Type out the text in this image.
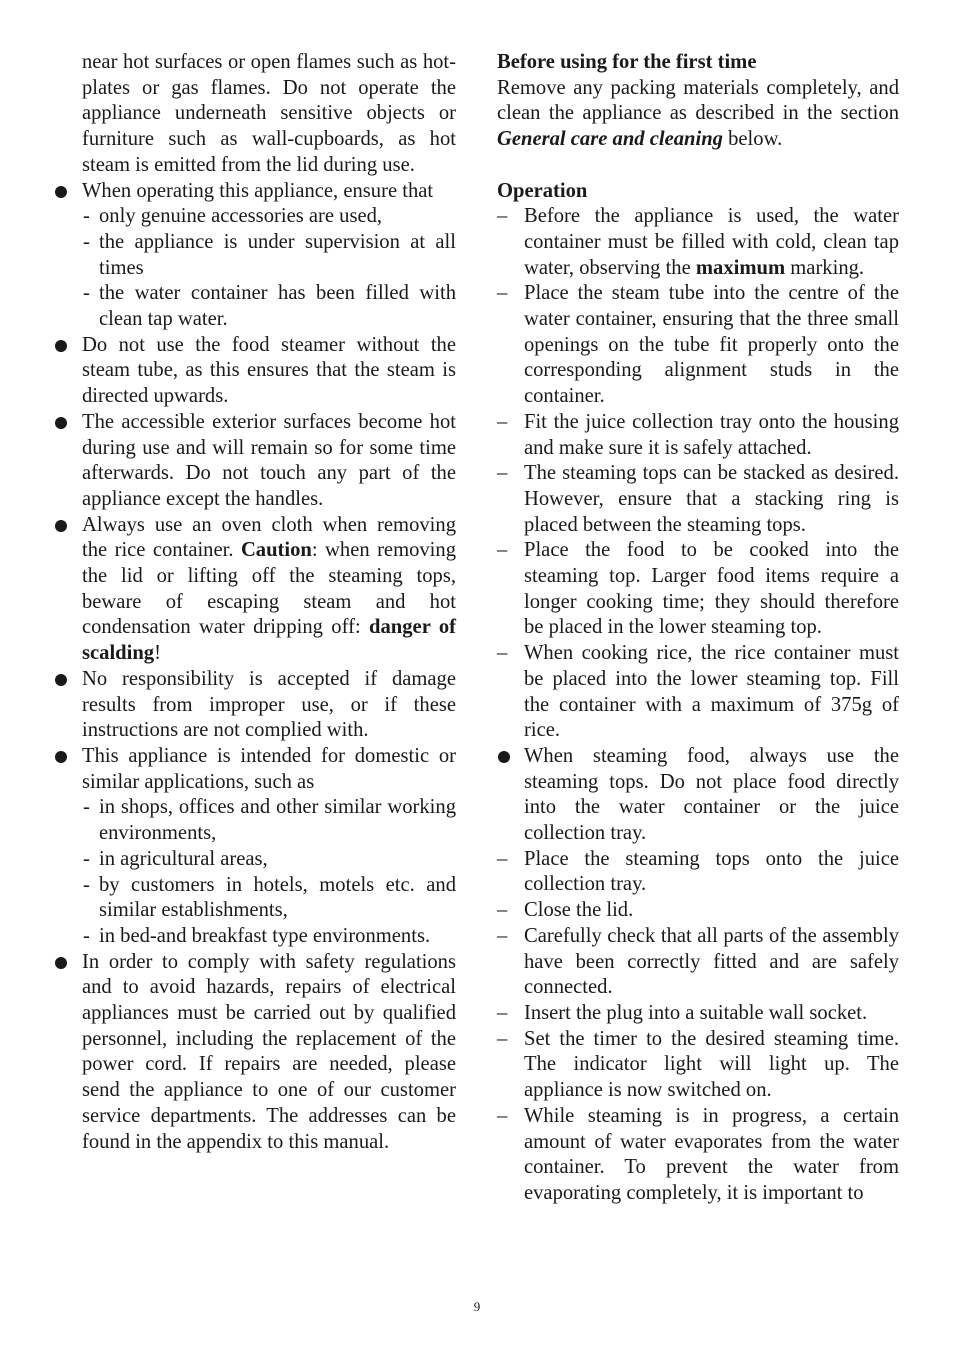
near hot surfaces or open flames such as hot-plates or gas flames. Do not operate the appliance underneath sensitive objects or furniture such as wall-cupboards, as hot steam is emitted from the lid during use.

When operating this appliance, ensure that

- only genuine accessories are used,
- the appliance is under supervision at all times
- the water container has been filled with clean tap water.

Do not use the food steamer without the steam tube, as this ensures that the steam is directed upwards.

The accessible exterior surfaces become hot during use and will remain so for some time afterwards. Do not touch any part of the appliance except the handles.

Always use an oven cloth when removing the rice container. Caution: when removing the lid or lifting off the steaming tops, beware of escaping steam and hot condensation water dripping off: danger of scalding!

No responsibility is accepted if damage results from improper use, or if these instructions are not complied with.

This appliance is intended for domestic or similar applications, such as

- in shops, offices and other similar working environments,
- in agricultural areas,
- by customers in hotels, motels etc. and similar establishments,
- in bed-and breakfast type environments.

In order to comply with safety regulations and to avoid hazards, repairs of electrical appliances must be carried out by qualified personnel, including the replacement of the power cord. If repairs are needed, please send the appliance to one of our customer service departments. The addresses can be found in the appendix to this manual.

Before using for the first time

Remove any packing materials completely, and clean the appliance as described in the section General care and cleaning below.

Operation

– Before the appliance is used, the water container must be filled with cold, clean tap water, observing the maximum marking.
– Place the steam tube into the centre of the water container, ensuring that the three small openings on the tube fit properly onto the corresponding alignment studs in the container.
– Fit the juice collection tray onto the housing and make sure it is safely attached.
– The steaming tops can be stacked as desired. However, ensure that a stacking ring is placed between the steaming tops.
– Place the food to be cooked into the steaming top. Larger food items require a longer cooking time; they should therefore be placed in the lower steaming top.
– When cooking rice, the rice container must be placed into the lower steaming top. Fill the container with a maximum of 375g of rice.
When steaming food, always use the steaming tops. Do not place food directly into the water container or the juice collection tray.
– Place the steaming tops onto the juice collection tray.
– Close the lid.
– Carefully check that all parts of the assembly have been correctly fitted and are safely connected.
– Insert the plug into a suitable wall socket.
– Set the timer to the desired steaming time. The indicator light will light up. The appliance is now switched on.
– While steaming is in progress, a certain amount of water evaporates from the water container. To prevent the water from evaporating completely, it is important to
9
